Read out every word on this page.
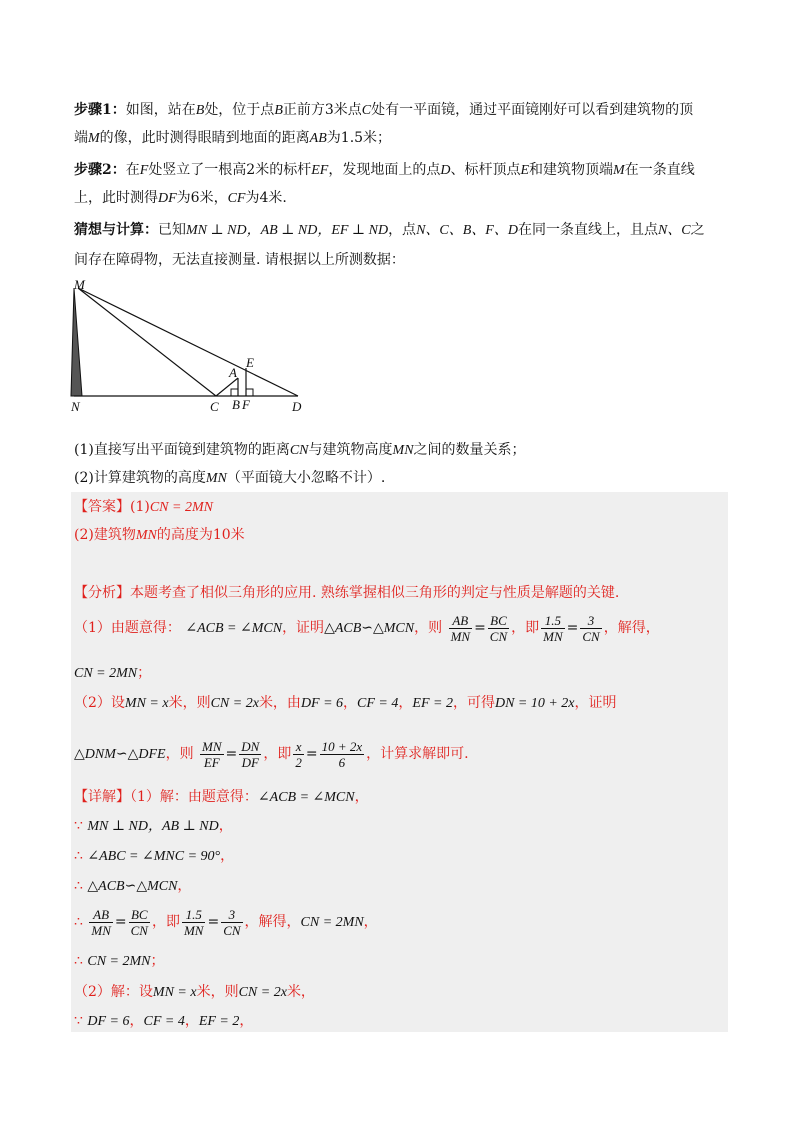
步骤1：如图，站在B处，位于点B正前方3米点C处有一平面镜，通过平面镜刚好可以看到建筑物的顶
端M的像，此时测得眼睛到地面的距离AB为1.5米；
步骤2：在F处竖立了一根高2米的标杆EF，发现地面上的点D、标杆顶点E和建筑物顶端M在一条直线
上，此时测得DF为6米，CF为4米.
猜想与计算：已知MN ⊥ ND，AB ⊥ ND，EF ⊥ ND，点N、C、B、F、D在同一条直线上，且点N、C之
间存在障碍物，无法直接测量. 请根据以上所测数据：
M
N
A
E
C B F	D
(1)直接写出平面镜到建筑物的距离CN与建筑物高度MN之间的数量关系；
(2)计算建筑物的高度MN（平面镜大小忽略不计）.
【答案】(1)CN = 2MN
(2)建筑物MN的高度为10米
【分析】本题考查了相似三角形的应用. 熟练掌握相似三角形的判定与性质是解题的关键.
（1）由题意得： ∠ACB = ∠MCN，证明△ACB∽△MCN，则 $\frac{AB}{MN} = \frac{BC}{CN}$ ，即 $\frac{1.5}{MN} = \frac{3}{CN}$ ，解得，
CN = 2MN；
（2）设MN = x米，则CN = 2x米，由DF = 6，CF = 4，EF = 2，可得DN = 10 + 2x，证明
△DNM∽△DFE，则 $\frac{MN}{EF} = \frac{DN}{DF}$ ，即 $\frac{x}{2} = \frac{10 + 2x}{6}$ ，计算求解即可.
【详解】（1）解：由题意得：∠ACB = ∠MCN，
∵ MN ⊥ ND，AB ⊥ ND，
∴ ∠ABC = ∠MNC = 90°，
∴ △ACB∽△MCN，
∴ $\frac{AB}{MN} = \frac{BC}{CN}$ ，即 $\frac{1.5}{MN} = \frac{3}{CN}$ ，解得，CN = 2MN，
∴ CN = 2MN；
（2）解：设MN = x米，则CN = 2x米，
∵ DF = 6，CF = 4，EF = 2，
